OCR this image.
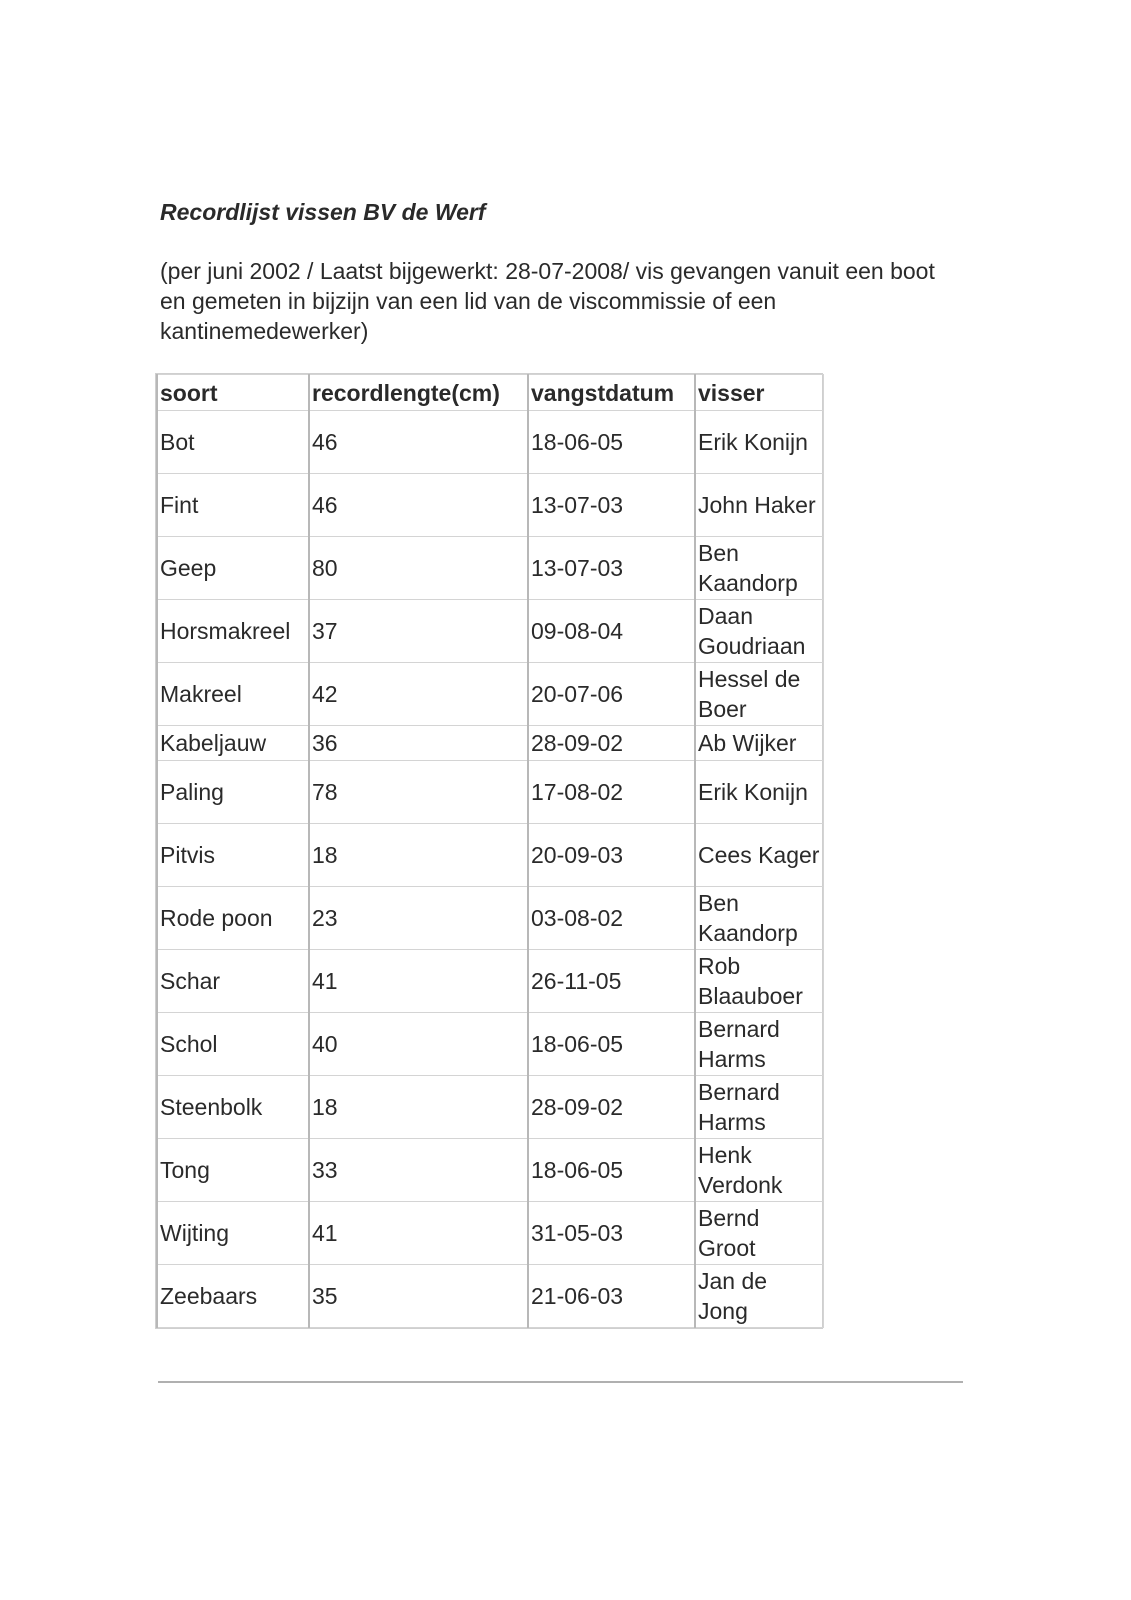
Recordlijst vissen BV de Werf

(per juni 2002 / Laatst bijgewerkt: 28-07-2008/ vis gevangen vanuit een boot en gemeten in bijzijn van een lid van de viscommissie of een kantinemedewerker)

soort	recordlengte(cm)	vangstdatum	visser
Bot	46	18-06-05	Erik Konijn
Fint	46	13-07-03	John Haker
Geep	80	13-07-03	Ben Kaandorp
Horsmakreel	37	09-08-04	Daan Goudriaan
Makreel	42	20-07-06	Hessel de Boer
Kabeljauw	36	28-09-02	Ab Wijker
Paling	78	17-08-02	Erik Konijn
Pitvis	18	20-09-03	Cees Kager
Rode poon	23	03-08-02	Ben Kaandorp
Schar	41	26-11-05	Rob Blaauboer
Schol	40	18-06-05	Bernard Harms
Steenbolk	18	28-09-02	Bernard Harms
Tong	33	18-06-05	Henk Verdonk
Wijting	41	31-05-03	Bernd Groot
Zeebaars	35	21-06-03	Jan de Jong
